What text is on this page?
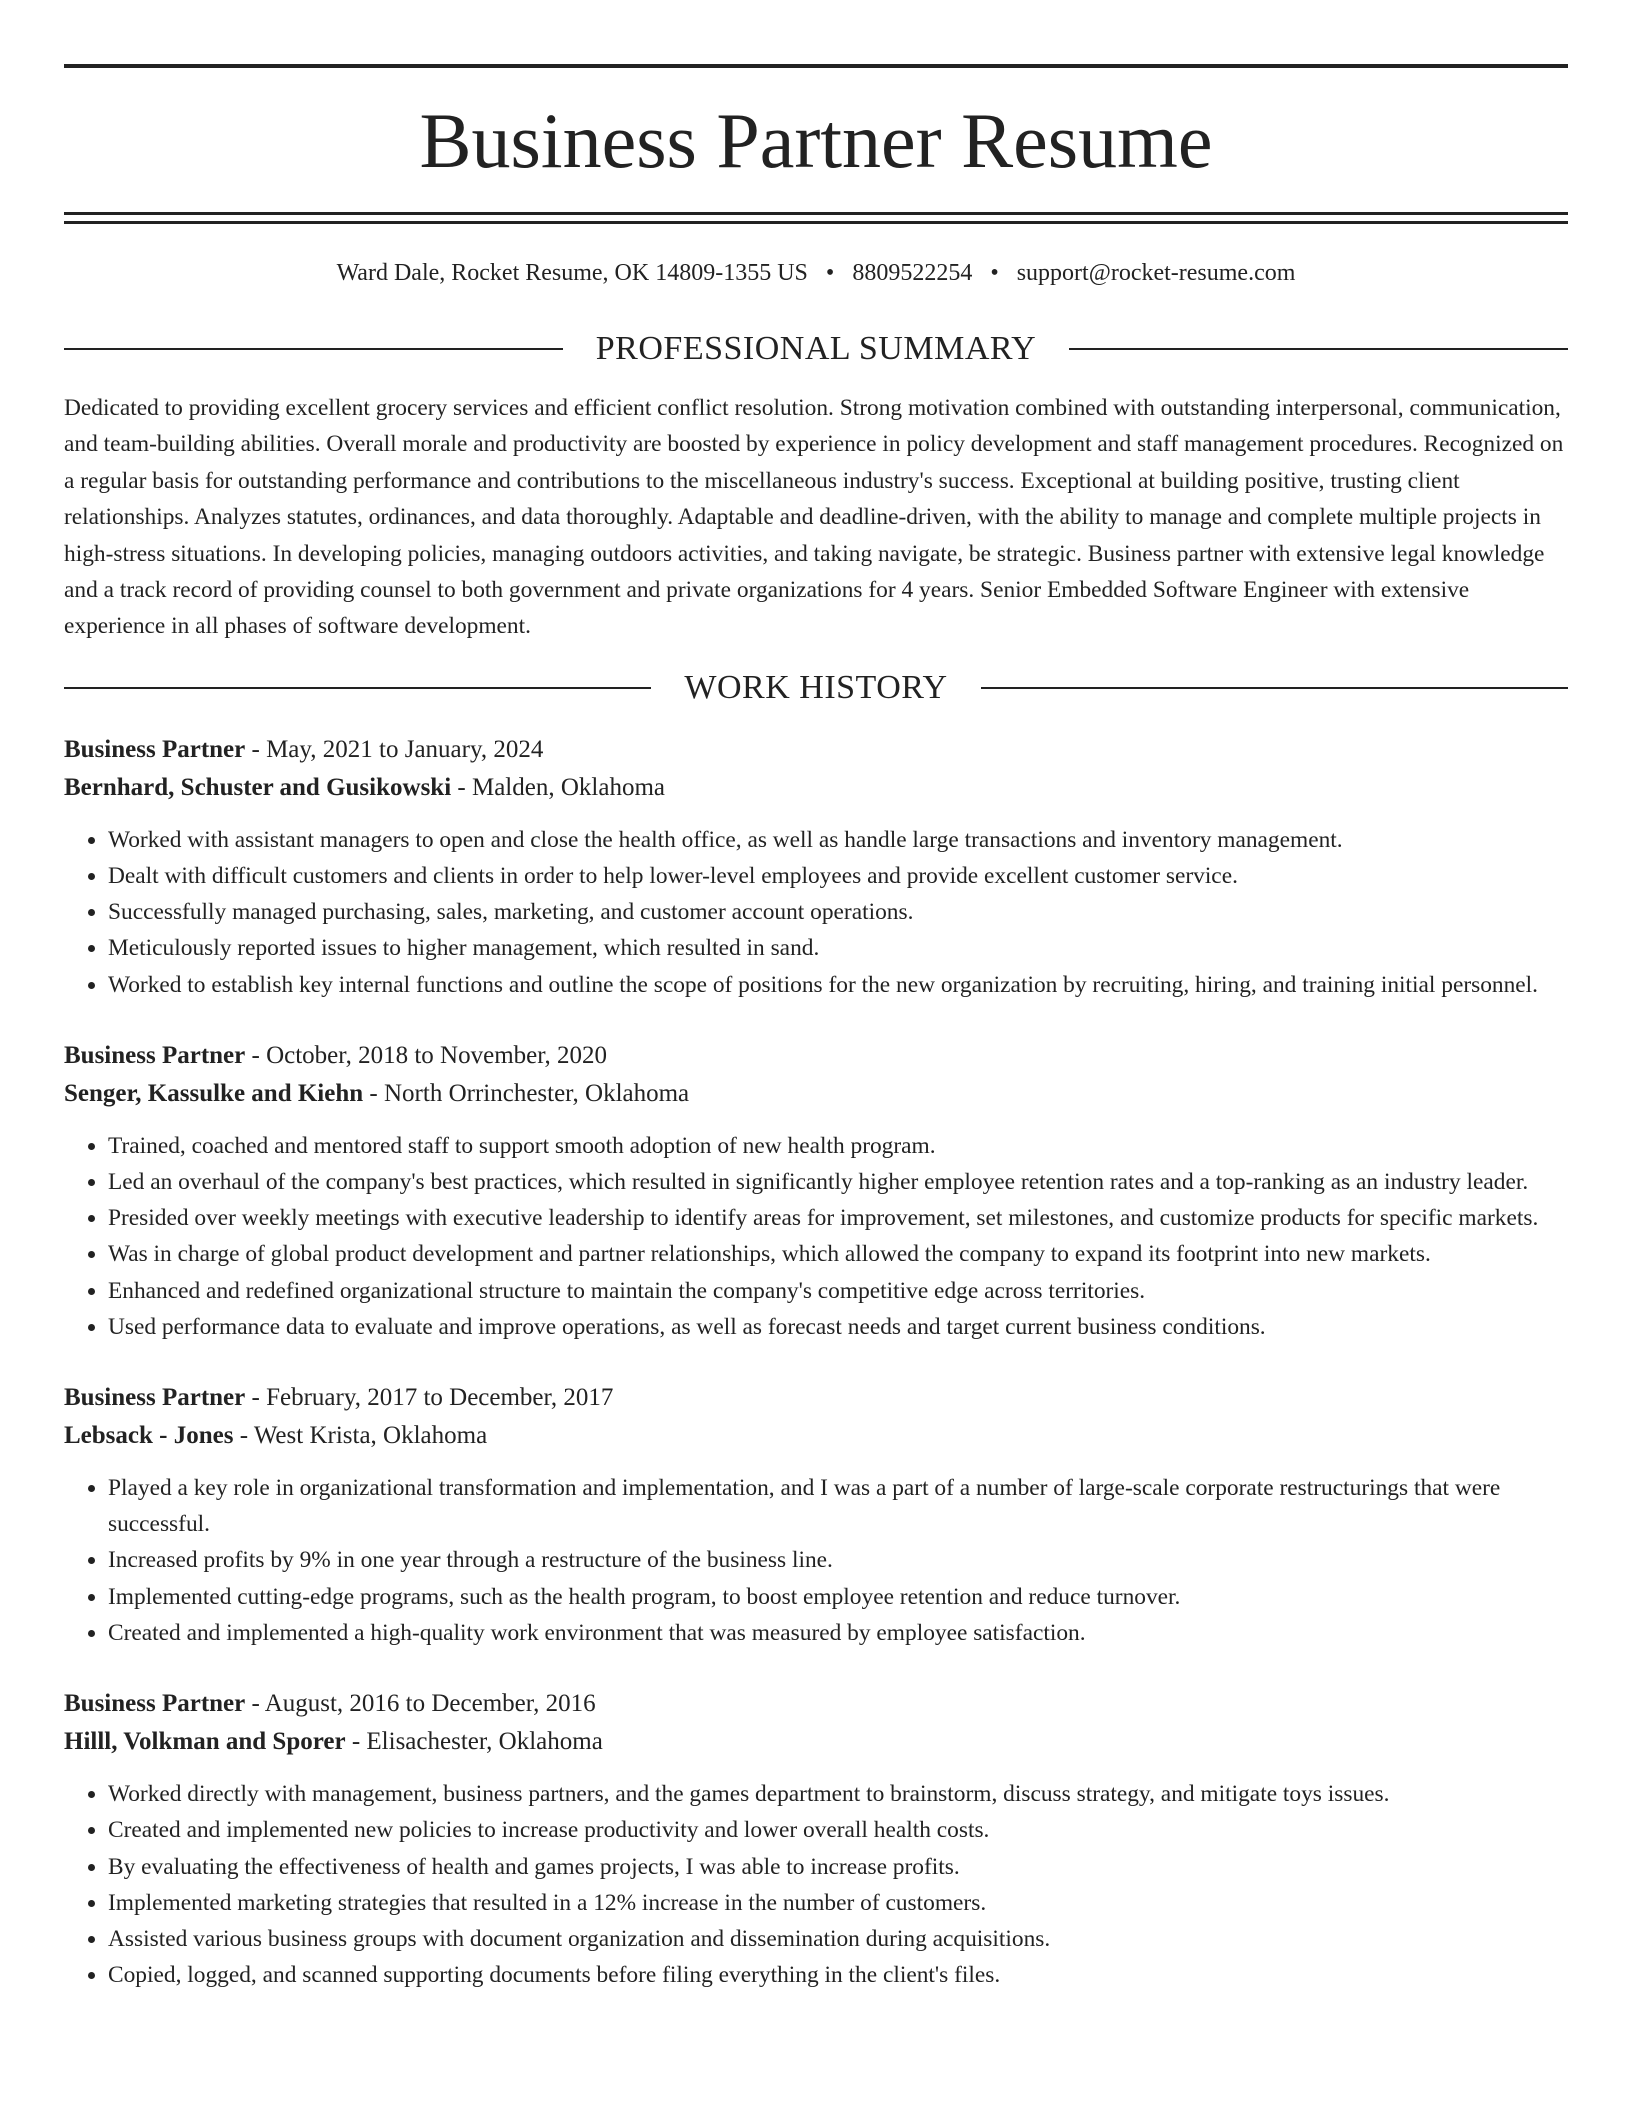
Business Partner Resume
Ward Dale, Rocket Resume, OK 14809-1355 US • 8809522254 • support@rocket-resume.com
PROFESSIONAL SUMMARY

Dedicated to providing excellent grocery services and efficient conflict resolution. Strong motivation combined with outstanding interpersonal, communication, and team-building abilities. Overall morale and productivity are boosted by experience in policy development and staff management procedures. Recognized on a regular basis for outstanding performance and contributions to the miscellaneous industry's success. Exceptional at building positive, trusting client relationships. Analyzes statutes, ordinances, and data thoroughly. Adaptable and deadline-driven, with the ability to manage and complete multiple projects in high-stress situations. In developing policies, managing outdoors activities, and taking navigate, be strategic. Business partner with extensive legal knowledge and a track record of providing counsel to both government and private organizations for 4 years. Senior Embedded Software Engineer with extensive experience in all phases of software development.

WORK HISTORY
Business Partner - May, 2021 to January, 2024
Bernhard, Schuster and Gusikowski - Malden, Oklahoma
• Worked with assistant managers to open and close the health office, as well as handle large transactions and inventory management.
• Dealt with difficult customers and clients in order to help lower-level employees and provide excellent customer service.
• Successfully managed purchasing, sales, marketing, and customer account operations.
• Meticulously reported issues to higher management, which resulted in sand.
• Worked to establish key internal functions and outline the scope of positions for the new organization by recruiting, hiring, and training initial personnel.
Business Partner - October, 2018 to November, 2020
Senger, Kassulke and Kiehn - North Orrinchester, Oklahoma
• Trained, coached and mentored staff to support smooth adoption of new health program.
• Led an overhaul of the company's best practices, which resulted in significantly higher employee retention rates and a top-ranking as an industry leader.
• Presided over weekly meetings with executive leadership to identify areas for improvement, set milestones, and customize products for specific markets.
• Was in charge of global product development and partner relationships, which allowed the company to expand its footprint into new markets.
• Enhanced and redefined organizational structure to maintain the company's competitive edge across territories.
• Used performance data to evaluate and improve operations, as well as forecast needs and target current business conditions.
Business Partner - February, 2017 to December, 2017
Lebsack - Jones - West Krista, Oklahoma
• Played a key role in organizational transformation and implementation, and I was a part of a number of large-scale corporate restructurings that were successful.
• Increased profits by 9% in one year through a restructure of the business line.
• Implemented cutting-edge programs, such as the health program, to boost employee retention and reduce turnover.
• Created and implemented a high-quality work environment that was measured by employee satisfaction.
Business Partner - August, 2016 to December, 2016
Hilll, Volkman and Sporer - Elisachester, Oklahoma
• Worked directly with management, business partners, and the games department to brainstorm, discuss strategy, and mitigate toys issues.
• Created and implemented new policies to increase productivity and lower overall health costs.
• By evaluating the effectiveness of health and games projects, I was able to increase profits.
• Implemented marketing strategies that resulted in a 12% increase in the number of customers.
• Assisted various business groups with document organization and dissemination during acquisitions.
• Copied, logged, and scanned supporting documents before filing everything in the client's files.
